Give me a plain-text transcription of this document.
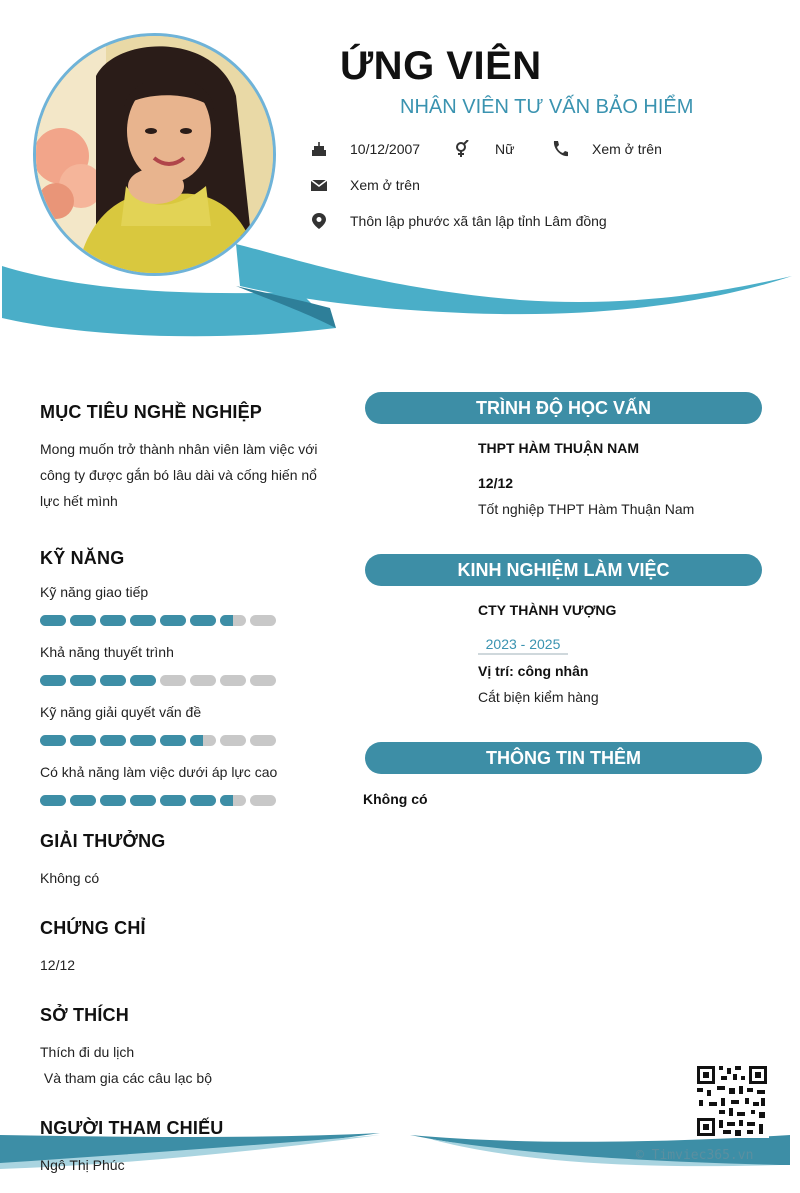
ỨNG VIÊN
NHÂN VIÊN TƯ VẤN BẢO HIỂM
10/12/2007	Nữ	Xem ở trên
Xem ở trên
Thôn lập phước xã tân lập tỉnh Lâm đồng
MỤC TIÊU NGHỀ NGHIỆP
Mong muốn trở thành nhân viên làm việc với
công ty được gắn bó lâu dài và cống hiến nổ
lực hết mình
KỸ NĂNG
Kỹ năng giao tiếp
Khả năng thuyết trình
Kỹ năng giải quyết vấn đề
Có khả năng làm việc dưới áp lực cao
GIẢI THƯỞNG
Không có
CHỨNG CHỈ
12/12
SỞ THÍCH
Thích đi du lịch
Và tham gia các câu lạc bộ
TRÌNH ĐỘ HỌC VẤN
THPT HÀM THUẬN NAM
12/12
Tốt nghiệp THPT Hàm Thuận Nam
KINH NGHIỆM LÀM VIỆC
CTY THÀNH VƯỢNG
2023 - 2025
Vị trí: công nhân
Cắt biện kiểm hàng
THÔNG TIN THÊM
Không có
NGƯỜI THAM CHIẾU
Ngô Thị Phúc
© Timviec365.vn
